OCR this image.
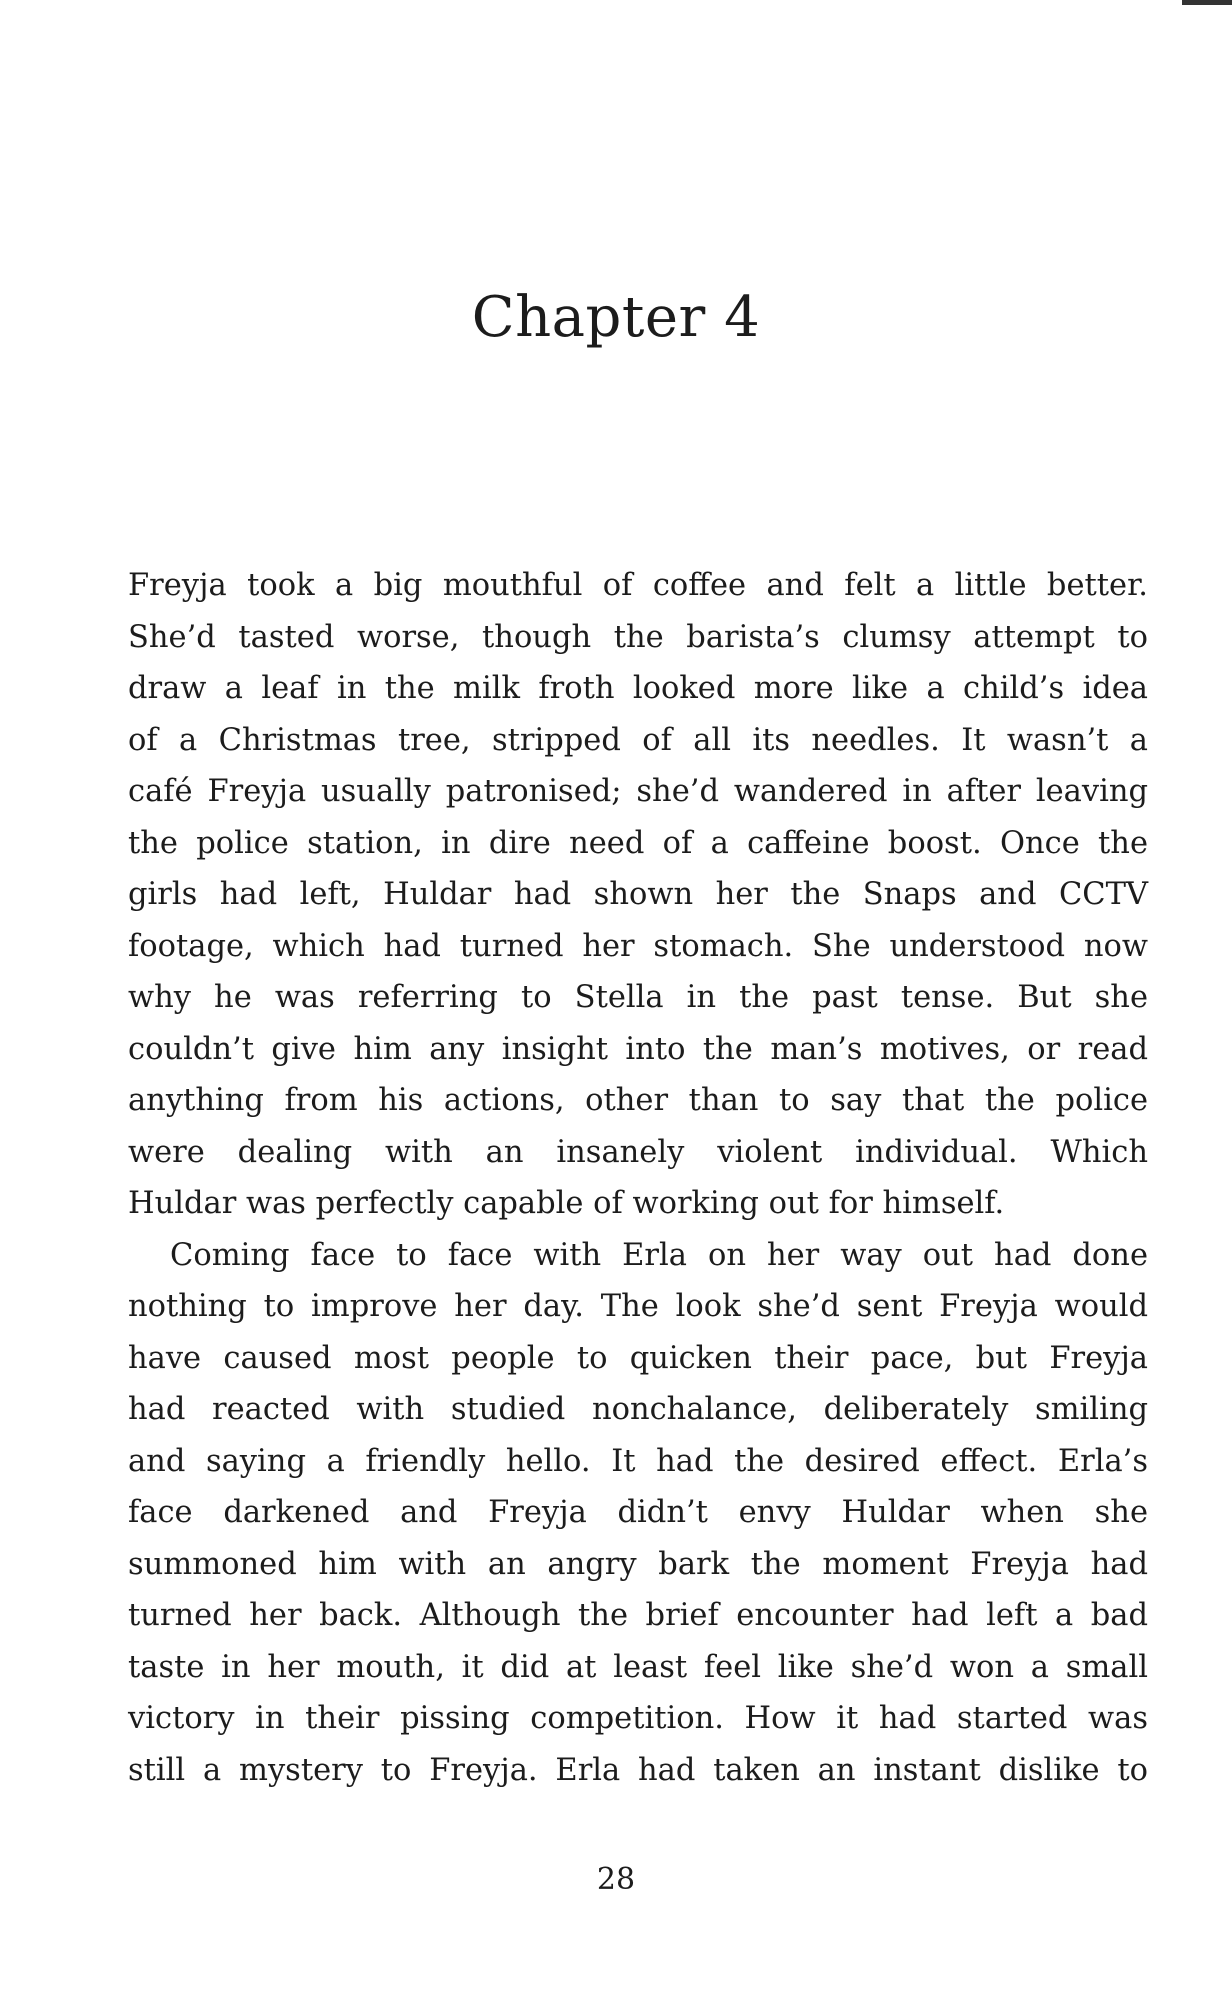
Chapter 4
Freyja took a big mouthful of coffee and felt a little better.
She’d tasted worse, though the barista’s clumsy attempt to
draw a leaf in the milk froth looked more like a child’s idea
of a Christmas tree, stripped of all its needles. It wasn’t a
café Freyja usually patronised; she’d wandered in after leaving
the police station, in dire need of a caffeine boost. Once the
girls had left, Huldar had shown her the Snaps and CCTV
footage, which had turned her stomach. She understood now
why he was referring to Stella in the past tense. But she
couldn’t give him any insight into the man’s motives, or read
anything from his actions, other than to say that the police
were dealing with an insanely violent individual. Which
Huldar was perfectly capable of working out for himself.
Coming face to face with Erla on her way out had done
nothing to improve her day. The look she’d sent Freyja would
have caused most people to quicken their pace, but Freyja
had reacted with studied nonchalance, deliberately smiling
and saying a friendly hello. It had the desired effect. Erla’s
face darkened and Freyja didn’t envy Huldar when she
summoned him with an angry bark the moment Freyja had
turned her back. Although the brief encounter had left a bad
taste in her mouth, it did at least feel like she’d won a small
victory in their pissing competition. How it had started was
still a mystery to Freyja. Erla had taken an instant dislike to
28
